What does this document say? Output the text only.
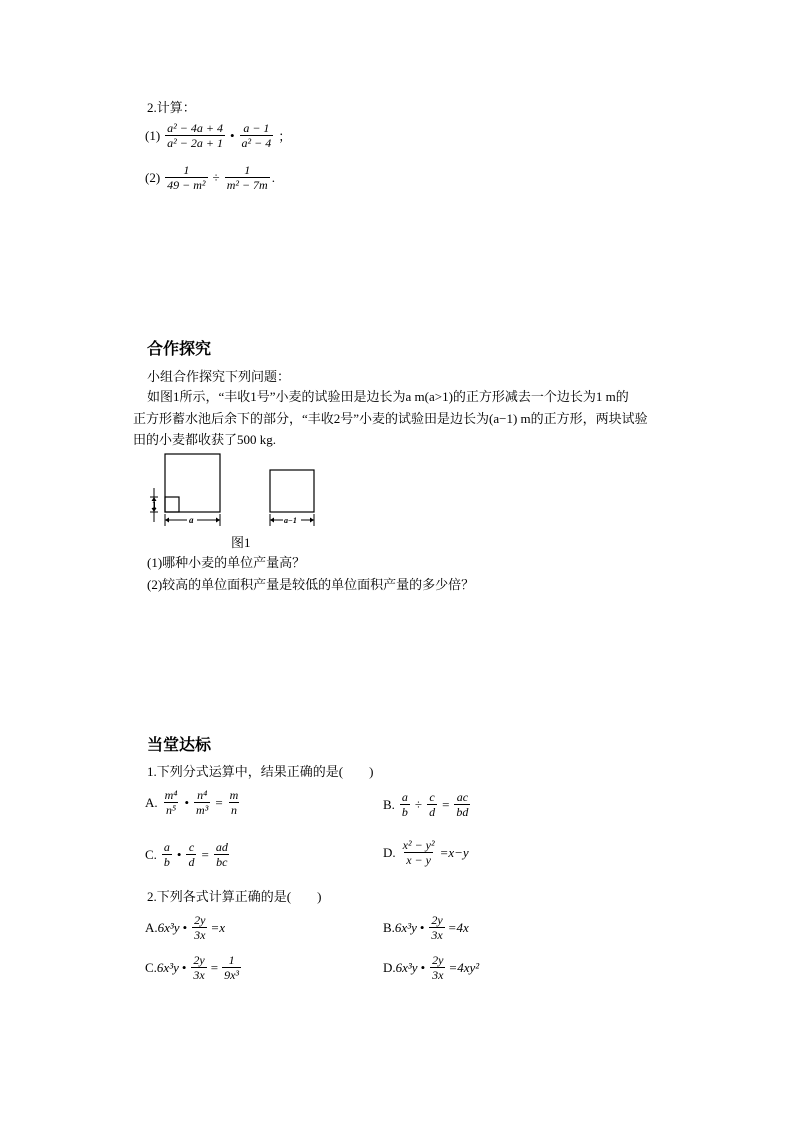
2.计算：
$(1) \frac{\text{a² − 4a + 4}}{\text{a² − 2a + 1}}$ • $\frac{a - 1}{\text{a² − 4}}$ ；
$(2) \frac{1}{\text{49 − m²}} \div \frac{1}{\text{m² − 7m}}$ .
合作探究
小组合作探究下列问题：
如图1所示，“丰收1号”小麦的试验田是边长为a m(a>1)的正方形减去一个边长为1 m的
正方形蓄水池后余下的部分，“丰收2号”小麦的试验田是边长为(a−1) m的正方形，两块试验
田的小麦都收获了500 kg.
1
a	a−1
图1
(1)哪种小麦的单位产量高？
(2)较高的单位面积产量是较低的单位面积产量的多少倍？
当堂达标
1.下列分式运算中，结果正确的是(　　)
A. $\frac{\text{m⁴}}{\text{n⁵}}$ • $\frac{\text{n⁴}}{\text{m³}} = \frac{m}{n}$	B. $\frac{a}{b} \div \frac{c}{d} = \frac{ac}{bd}$
C. $\frac{a}{b}$ • $\frac{c}{d} = \frac{ad}{bc}$	D. $\frac{\text{x² − y²}}{x - y} =x-y$
2.下列各式计算正确的是(　　)
A.6x³y • $\frac{2y}{3x} =x$	B.6x³y • $\frac{2y}{3x} =4x$
C.6x³y • $\frac{2y}{3x} = \frac{1}{\text{9x³}}$	D.6x³y • $\frac{2y}{3x} =4xy^2$
